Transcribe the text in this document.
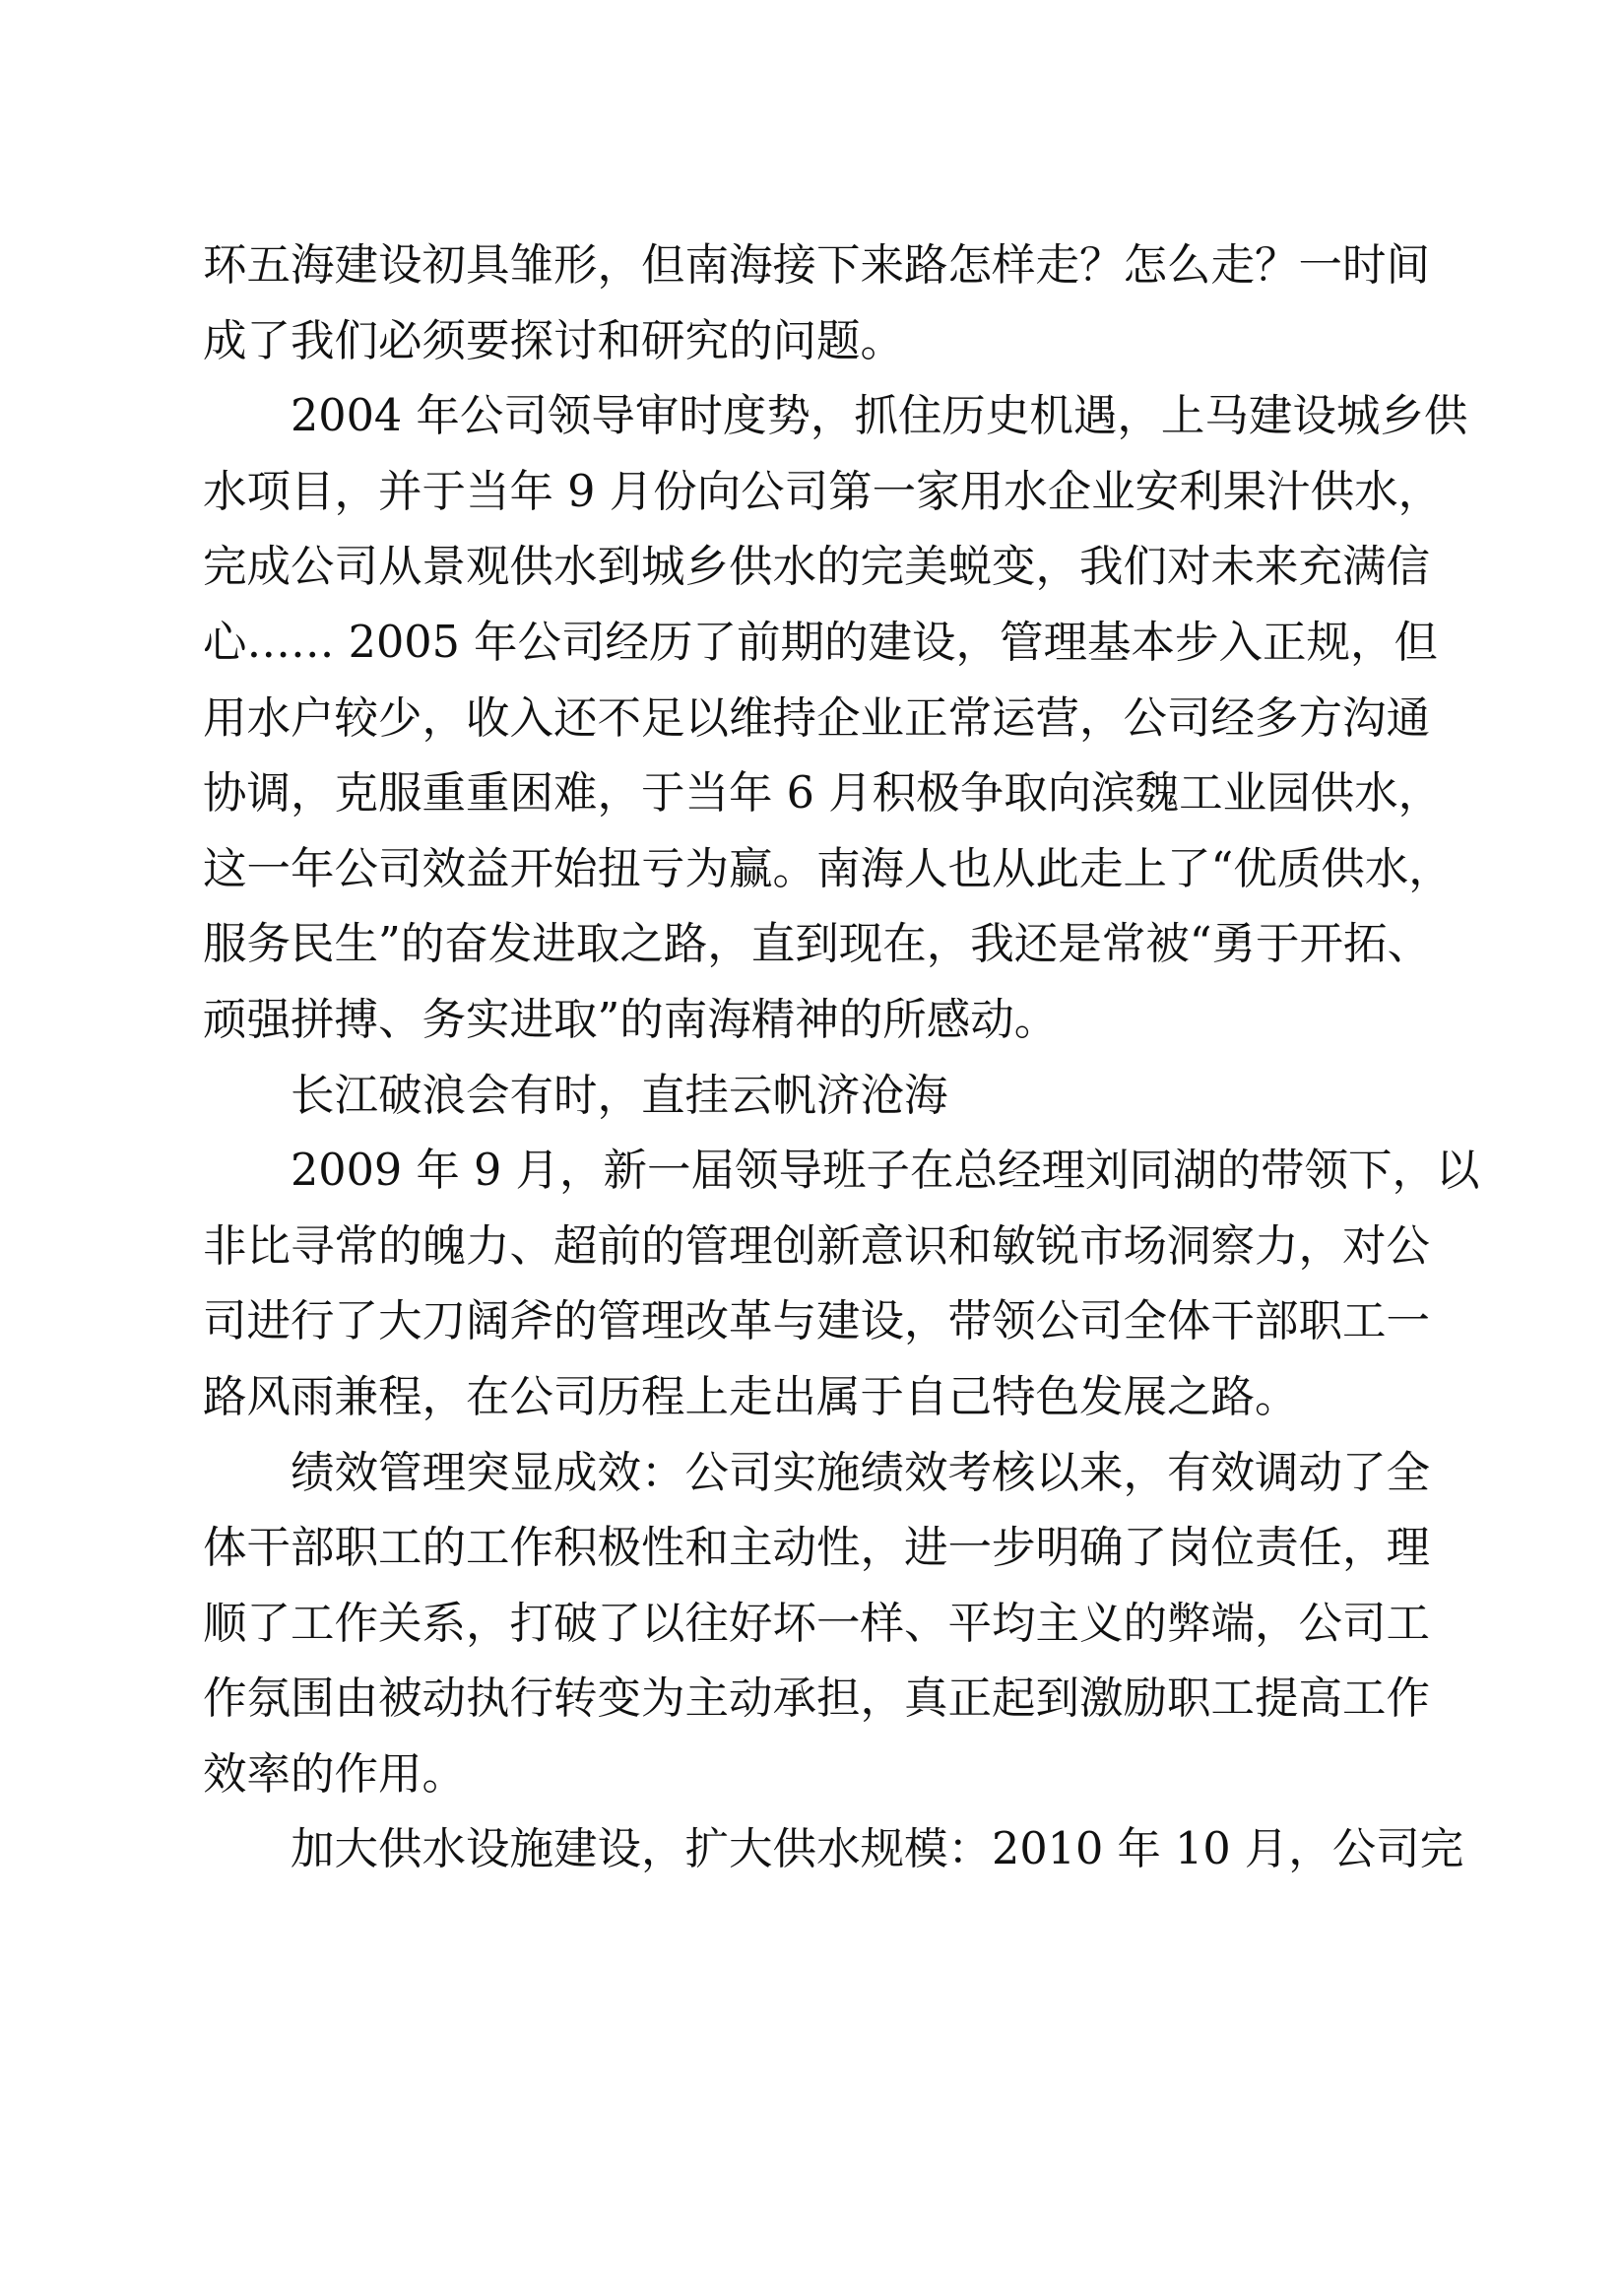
环五海建设初具雏形，但南海接下来路怎样走？怎么走？一时间
成了我们必须要探讨和研究的问题。

2004 年公司领导审时度势，抓住历史机遇，上马建设城乡供
水项目，并于当年 9 月份向公司第一家用水企业安利果汁供水，
完成公司从景观供水到城乡供水的完美蜕变，我们对未来充满信
心…… 2005 年公司经历了前期的建设，管理基本步入正规，但
用水户较少，收入还不足以维持企业正常运营，公司经多方沟通
协调，克服重重困难，于当年 6 月积极争取向滨魏工业园供水，
这一年公司效益开始扭亏为赢。南海人也从此走上了“优质供水，
服务民生”的奋发进取之路，直到现在，我还是常被“勇于开拓、
顽强拼搏、务实进取”的南海精神的所感动。

长江破浪会有时，直挂云帆济沧海

2009 年 9 月，新一届领导班子在总经理刘同湖的带领下，以
非比寻常的魄力、超前的管理创新意识和敏锐市场洞察力，对公
司进行了大刀阔斧的管理改革与建设，带领公司全体干部职工一
路风雨兼程，在公司历程上走出属于自己特色发展之路。

绩效管理突显成效：公司实施绩效考核以来，有效调动了全
体干部职工的工作积极性和主动性，进一步明确了岗位责任，理
顺了工作关系，打破了以往好坏一样、平均主义的弊端，公司工
作氛围由被动执行转变为主动承担，真正起到激励职工提高工作
效率的作用。

加大供水设施建设，扩大供水规模：2010 年 10 月，公司完
